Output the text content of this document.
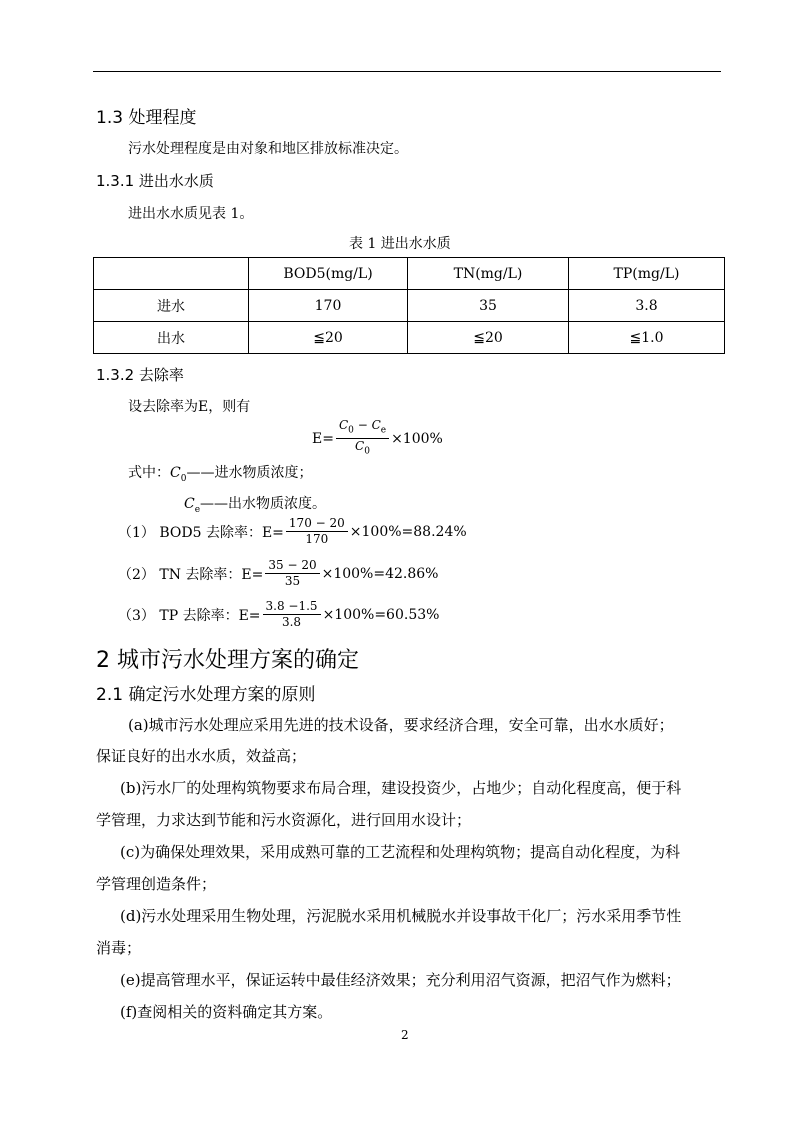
1.3 处理程度
污水处理程度是由对象和地区排放标准决定。
1.3.1 进出水水质
进出水水质见表 1。
表 1 进出水水质
	BOD5(mg/L)	TN(mg/L)	TP(mg/L)
进水	170	35	3.8
出水	≦20	≦20	≦1.0
1.3.2 去除率
设去除率为E，则有
$E= \frac{C_0 - C_e}{C_0} \times 100\%$
式中：$C_0——$进水物质浓度；
$C_e——$出水物质浓度。
（1） BOD5 去除率：$E= \frac{170 - 20}{170} \times 100\%=88.24\%$
（2） TN 去除率：$E= \frac{35 - 20}{35} \times 100\%=42.86\%$
（3） TP 去除率：$E= \frac{3.8 -1.5}{3.8} \times 100\%=60.53\%$
2 城市污水处理方案的确定
2.1 确定污水处理方案的原则
(a)城市污水处理应采用先进的技术设备，要求经济合理，安全可靠，出水水质好；
保证良好的出水水质，效益高；
(b)污水厂的处理构筑物要求布局合理，建设投资少，占地少；自动化程度高，便于科
学管理，力求达到节能和污水资源化，进行回用水设计；
(c)为确保处理效果，采用成熟可靠的工艺流程和处理构筑物；提高自动化程度，为科
学管理创造条件；
(d)污水处理采用生物处理，污泥脱水采用机械脱水并设事故干化厂；污水采用季节性
消毒；
(e)提高管理水平，保证运转中最佳经济效果；充分利用沼气资源，把沼气作为燃料；
(f)查阅相关的资料确定其方案。
2
